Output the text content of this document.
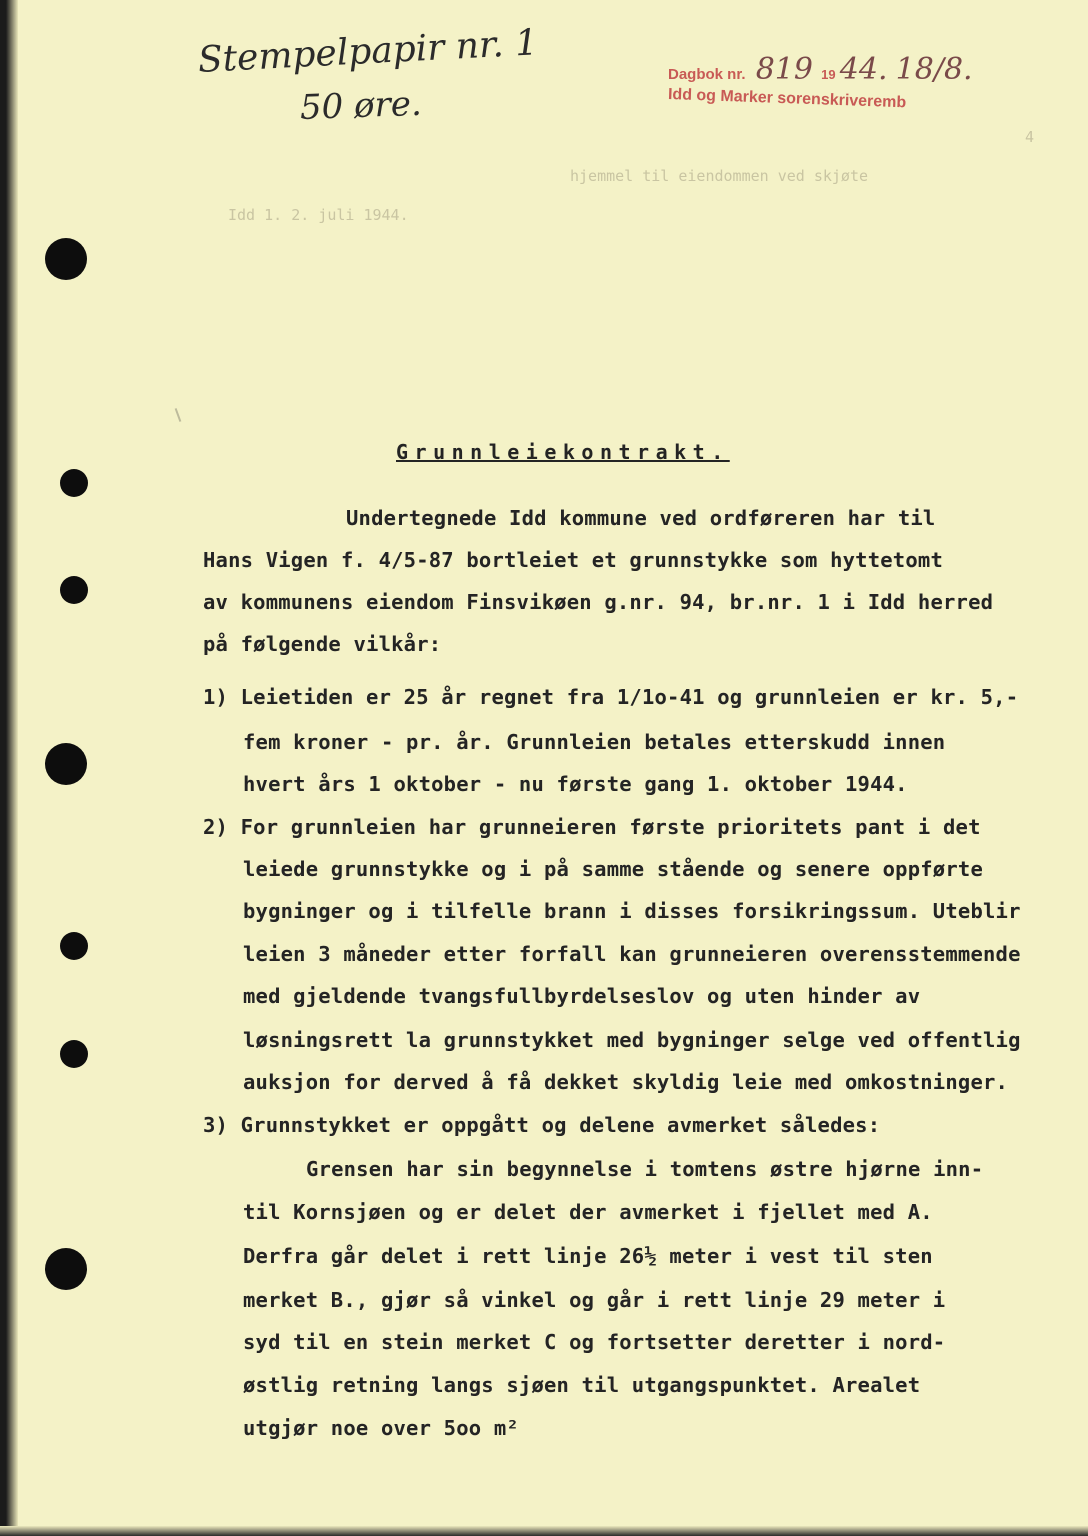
Stempelpapir nr. 1
50 øre.
Dagbok nr. 819 19 44. 18/8.
Idd og Marker sorenskriveremb
4
hjemmel til eiendommen ved skjøte
Idd 1. 2. juli 1944.
Grunnleiekontrakt.
Undertegnede Idd kommune ved ordføreren har til
Hans Vigen f. 4/5-87 bortleiet et grunnstykke som hyttetomt
av kommunens eiendom Finsvikøen g.nr. 94, br.nr. 1 i Idd herred
på følgende vilkår:
1) Leietiden er 25 år regnet fra 1/1o-41 og grunnleien er kr. 5,-
fem kroner - pr. år. Grunnleien betales etterskudd innen
hvert års 1 oktober - nu første gang 1. oktober 1944.
2) For grunnleien har grunneieren første prioritets pant i det
leiede grunnstykke og i på samme stående og senere oppførte
bygninger og i tilfelle brann i disses forsikringssum. Uteblir
leien 3 måneder etter forfall kan grunneieren overensstemmende
med gjeldende tvangsfullbyrdelseslov og uten hinder av
løsningsrett la grunnstykket med bygninger selge ved offentlig
auksjon for derved å få dekket skyldig leie med omkostninger.
3) Grunnstykket er oppgått og delene avmerket således:
Grensen har sin begynnelse i tomtens østre hjørne inn-
til Kornsjøen og er delet der avmerket i fjellet med A.
Derfra går delet i rett linje 26½ meter i vest til sten
merket B., gjør så vinkel og går i rett linje 29 meter i
syd til en stein merket C og fortsetter deretter i nord-
østlig retning langs sjøen til utgangspunktet. Arealet
utgjør noe over 5oo m²
